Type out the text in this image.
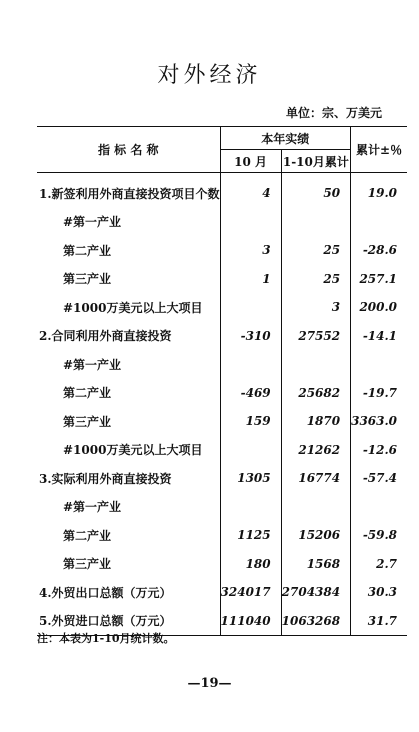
对外经济
单位：宗、万美元
指 标 名 称	本年实绩		累计±％
	10 月	1-10月累计	

1.新签利用外商直接投资项目个数	4	50	19.0
#第一产业			
第二产业	3	25	-28.6
第三产业	1	25	257.1
#1000万美元以上大项目		3	200.0
2.合同利用外商直接投资	-310	27552	-14.1
#第一产业			
第二产业	-469	25682	-19.7
第三产业	159	1870	3363.0
#1000万美元以上大项目		21262	-12.6
3.实际利用外商直接投资	1305	16774	-57.4
#第一产业			
第二产业	1125	15206	-59.8
第三产业	180	1568	2.7
4.外贸出口总额（万元）	324017	2704384	30.3
5.外贸进口总额（万元）	111040	1063268	31.7
注：本表为1-10月统计数。
—19—
